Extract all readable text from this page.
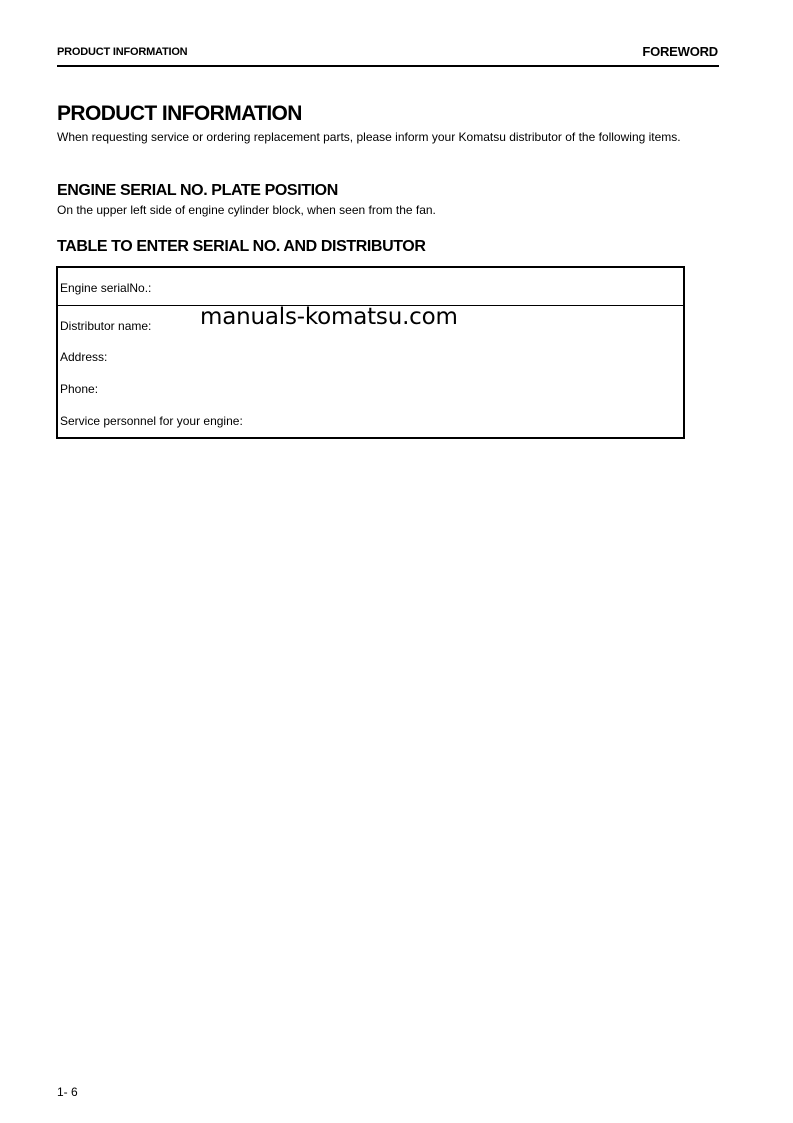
PRODUCT INFORMATION	FOREWORD
PRODUCT INFORMATION

When requesting service or ordering replacement parts, please inform your Komatsu distributor of the following items.

ENGINE SERIAL NO. PLATE POSITION

On the upper left side of engine cylinder block, when seen from the fan.

TABLE TO ENTER SERIAL NO. AND DISTRIBUTOR
Engine serialNo.:
Distributor name:
Address:
Phone:
Service personnel for your engine:
manuals-komatsu.com
1- 6
